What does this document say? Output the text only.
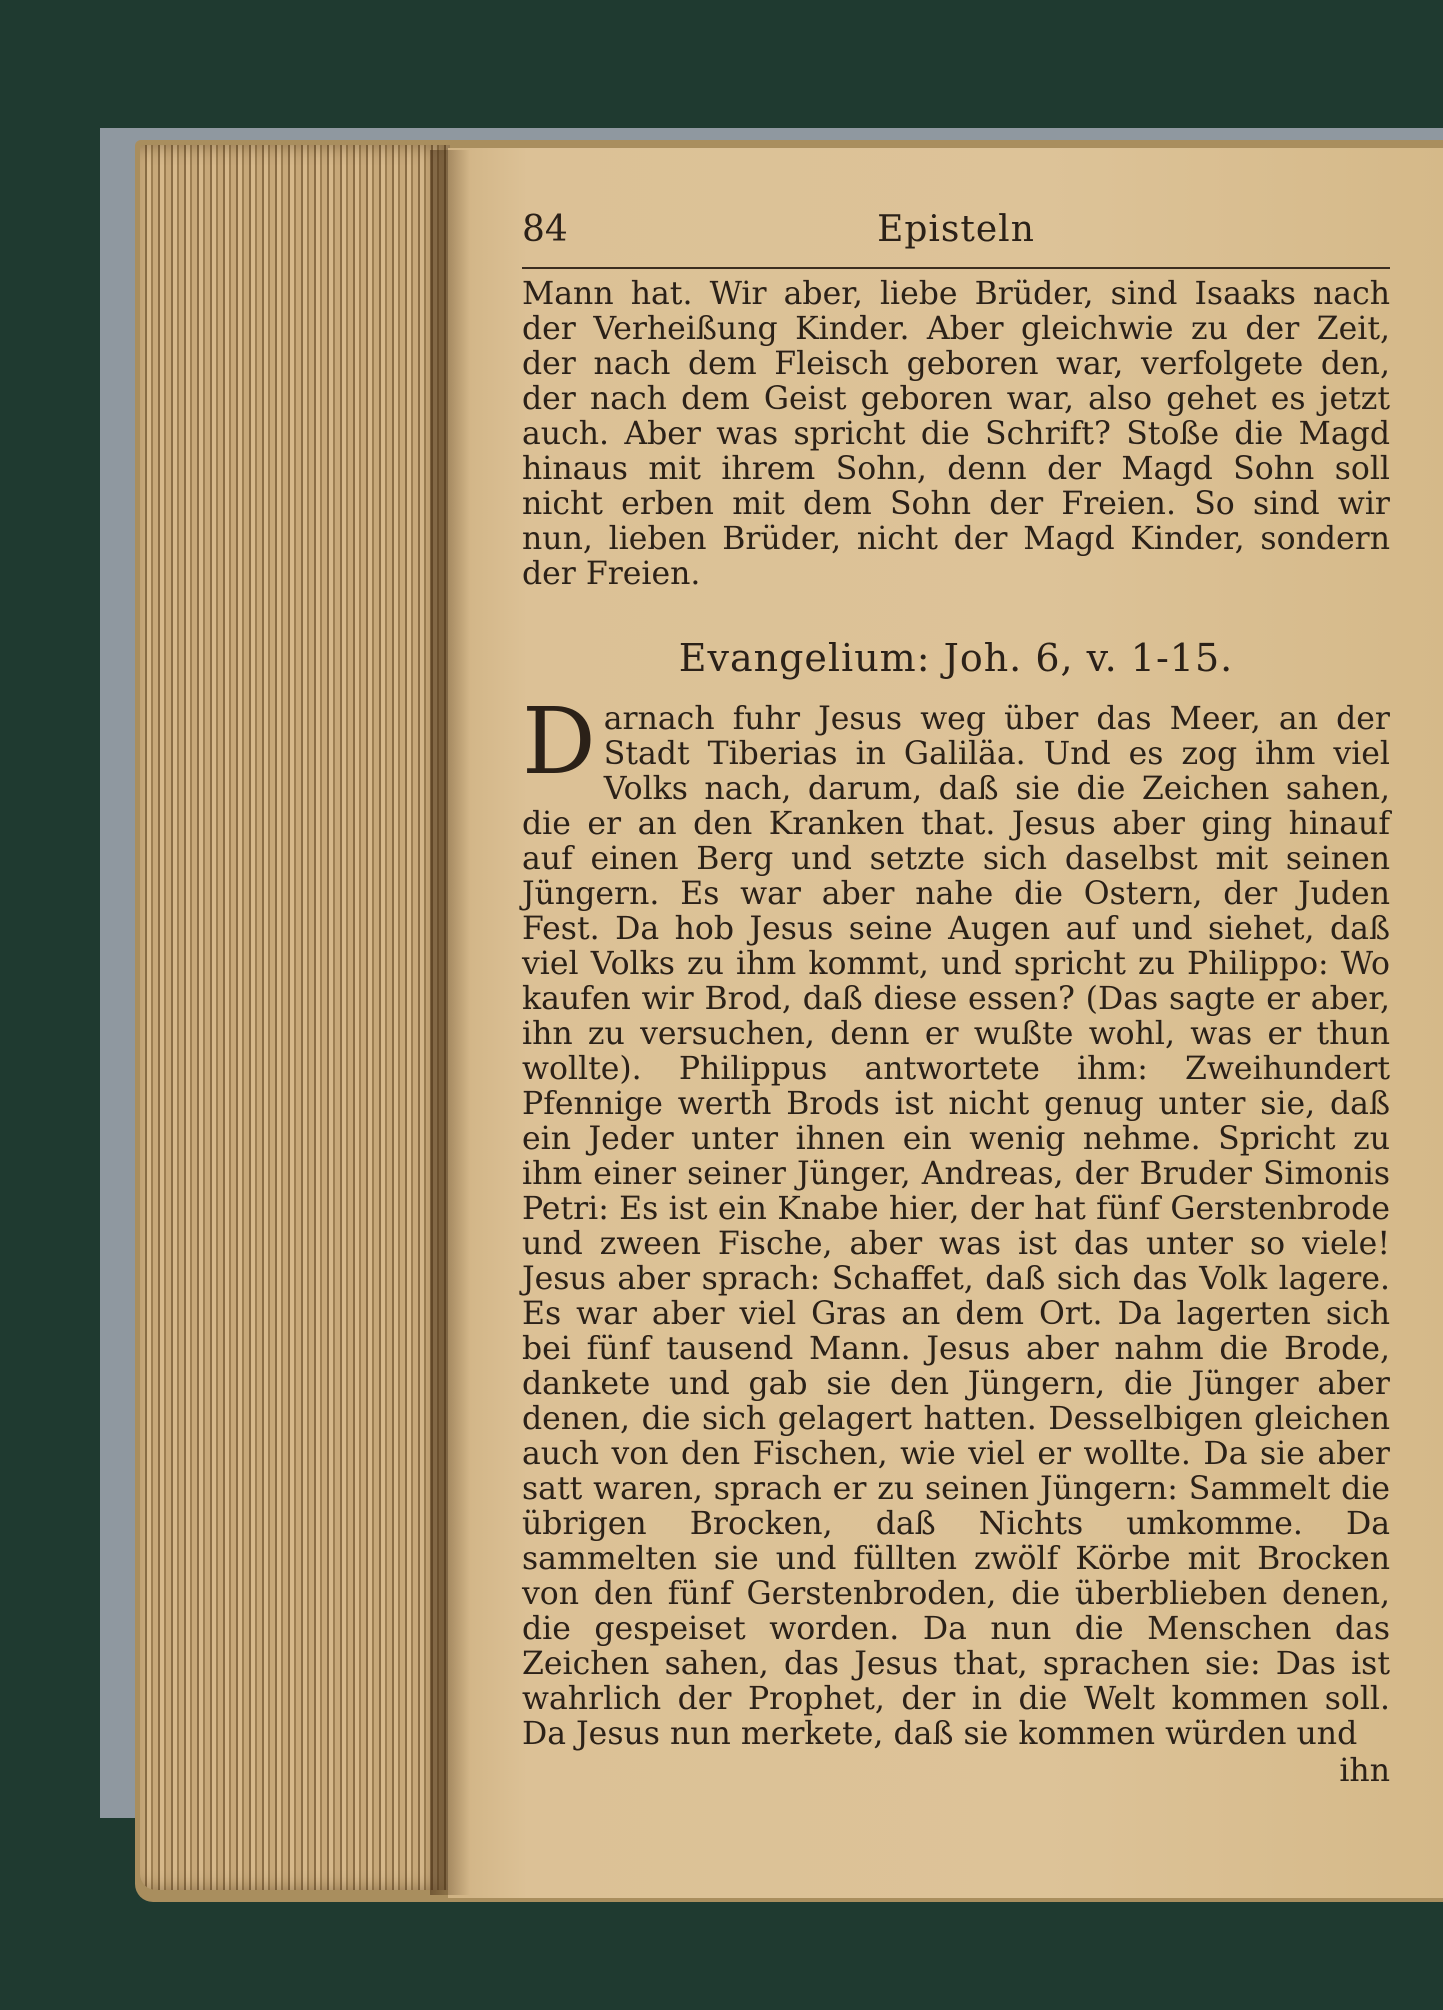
84	Episteln

Mann hat. Wir aber, liebe Brüder, sind Isaaks nach der Verheißung Kinder. Aber gleichwie zu der Zeit, der nach dem Fleisch geboren war, verfolgete den, der nach dem Geist geboren war, also gehet es jetzt auch. Aber was spricht die Schrift? Stoße die Magd hinaus mit ihrem Sohn, denn der Magd Sohn soll nicht erben mit dem Sohn der Freien. So sind wir nun, lieben Brüder, nicht der Magd Kinder, sondern der Freien.

Evangelium: Joh. 6, v. 1-15.

D arnach fuhr Jesus weg über das Meer, an der Stadt Tiberias in Galiläa. Und es zog ihm viel Volks nach, darum, daß sie die Zeichen sahen, die er an den Kranken that. Jesus aber ging hinauf auf einen Berg und setzte sich daselbst mit seinen Jüngern. Es war aber nahe die Ostern, der Juden Fest. Da hob Jesus seine Augen auf und siehet, daß viel Volks zu ihm kommt, und spricht zu Philippo: Wo kaufen wir Brod, daß diese essen? (Das sagte er aber, ihn zu versuchen, denn er wußte wohl, was er thun wollte). Philippus antwortete ihm: Zweihundert Pfennige werth Brods ist nicht genug unter sie, daß ein Jeder unter ihnen ein wenig nehme. Spricht zu ihm einer seiner Jünger, Andreas, der Bruder Simonis Petri: Es ist ein Knabe hier, der hat fünf Gerstenbrode und zween Fische, aber was ist das unter so viele! Jesus aber sprach: Schaffet, daß sich das Volk lagere. Es war aber viel Gras an dem Ort. Da lagerten sich bei fünf tausend Mann. Jesus aber nahm die Brode, dankete und gab sie den Jüngern, die Jünger aber denen, die sich gelagert hatten. Desselbigen gleichen auch von den Fischen, wie viel er wollte. Da sie aber satt waren, sprach er zu seinen Jüngern: Sammelt die übrigen Brocken, daß Nichts umkomme. Da sammelten sie und füllten zwölf Körbe mit Brocken von den fünf Gerstenbroden, die überblieben denen, die gespeiset worden. Da nun die Menschen das Zeichen sahen, das Jesus that, sprachen sie: Das ist wahrlich der Prophet, der in die Welt kommen soll. Da Jesus nun merkete, daß sie kommen würden und

ihn
